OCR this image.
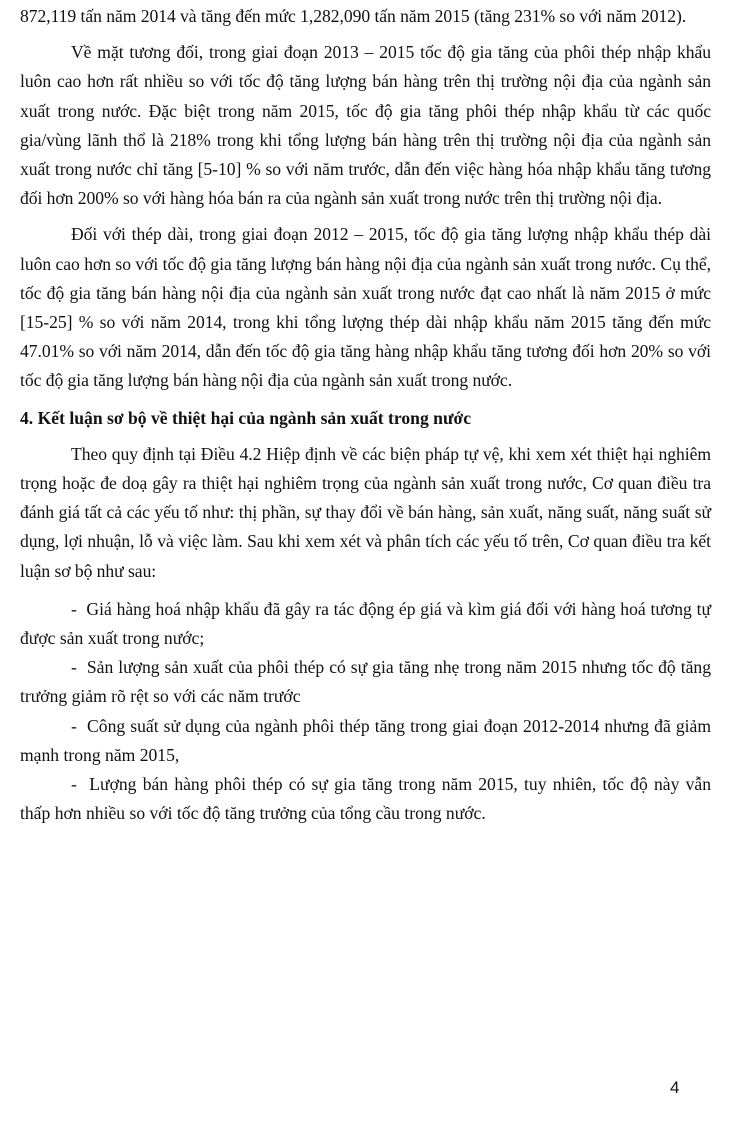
872,119 tấn năm 2014 và tăng đến mức 1,282,090 tấn năm 2015 (tăng 231% so với năm 2012).

Về mặt tương đối, trong giai đoạn 2013 – 2015 tốc độ gia tăng của phôi thép nhập khẩu luôn cao hơn rất nhiều so với tốc độ tăng lượng bán hàng trên thị trường nội địa của ngành sản xuất trong nước. Đặc biệt trong năm 2015, tốc độ gia tăng phôi thép nhập khẩu từ các quốc gia/vùng lãnh thổ là 218% trong khi tổng lượng bán hàng trên thị trường nội địa của ngành sản xuất trong nước chỉ tăng [5-10] % so với năm trước, dẫn đến việc hàng hóa nhập khẩu tăng tương đối hơn 200% so với hàng hóa bán ra của ngành sản xuất trong nước trên thị trường nội địa.

Đối với thép dài, trong giai đoạn 2012 – 2015, tốc độ gia tăng lượng nhập khẩu thép dài luôn cao hơn so với tốc độ gia tăng lượng bán hàng nội địa của ngành sản xuất trong nước. Cụ thể, tốc độ gia tăng bán hàng nội địa của ngành sản xuất trong nước đạt cao nhất là năm 2015 ở mức [15-25] % so với năm 2014, trong khi tổng lượng thép dài nhập khẩu năm 2015 tăng đến mức 47.01% so với năm 2014, dẫn đến tốc độ gia tăng hàng nhập khẩu tăng tương đối hơn 20% so với tốc độ gia tăng lượng bán hàng nội địa của ngành sản xuất trong nước.

4. Kết luận sơ bộ về thiệt hại của ngành sản xuất trong nước

Theo quy định tại Điều 4.2 Hiệp định về các biện pháp tự vệ, khi xem xét thiệt hại nghiêm trọng hoặc đe doạ gây ra thiệt hại nghiêm trọng của ngành sản xuất trong nước, Cơ quan điều tra đánh giá tất cả các yếu tố như: thị phần, sự thay đổi về bán hàng, sản xuất, năng suất, năng suất sử dụng, lợi nhuận, lỗ và việc làm. Sau khi xem xét và phân tích các yếu tố trên, Cơ quan điều tra kết luận sơ bộ như sau:

- Giá hàng hoá nhập khẩu đã gây ra tác động ép giá và kìm giá đối với hàng hoá tương tự được sản xuất trong nước;

- Sản lượng sản xuất của phôi thép có sự gia tăng nhẹ trong năm 2015 nhưng tốc độ tăng trưởng giảm rõ rệt so với các năm trước

- Công suất sử dụng của ngành phôi thép tăng trong giai đoạn 2012-2014 nhưng đã giảm mạnh trong năm 2015,

- Lượng bán hàng phôi thép có sự gia tăng trong năm 2015, tuy nhiên, tốc độ này vẫn thấp hơn nhiều so với tốc độ tăng trưởng của tổng cầu trong nước.

4
